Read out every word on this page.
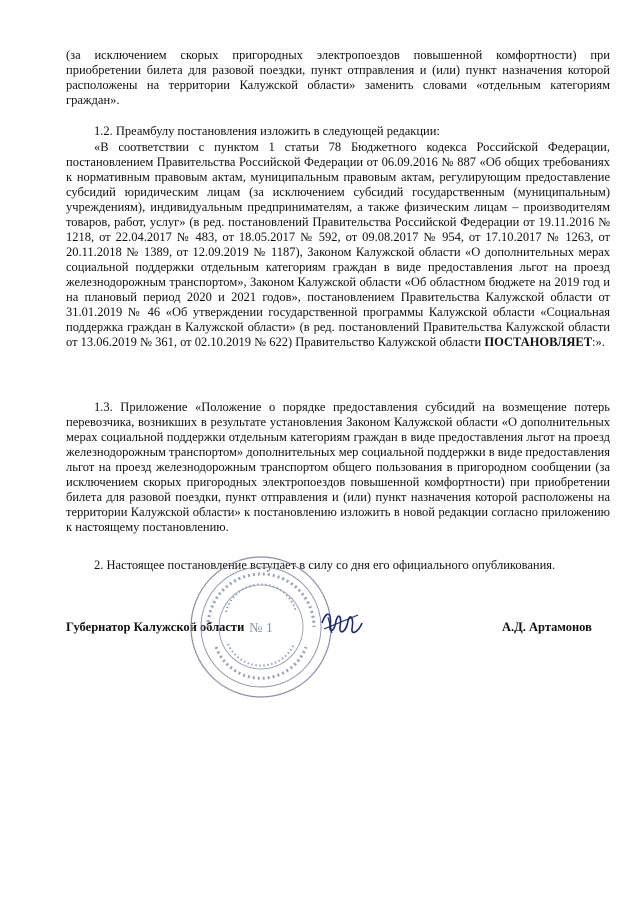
(за исключением скорых пригородных электропоездов повышенной комфортности) при приобретении билета для разовой поездки, пункт отправления и (или) пункт назначения которой расположены на территории Калужской области» заменить словами «отдельным категориям граждан».

1.2. Преамбулу постановления изложить в следующей редакции:

«В соответствии с пунктом 1 статьи 78 Бюджетного кодекса Российской Федерации, постановлением Правительства Российской Федерации от 06.09.2016 № 887 «Об общих требованиях к нормативным правовым актам, муниципальным правовым актам, регулирующим предоставление субсидий юридическим лицам (за исключением субсидий государственным (муниципальным) учреждениям), индивидуальным предпринимателям, а также физическим лицам – производителям товаров, работ, услуг» (в ред. постановлений Правительства Российской Федерации от 19.11.2016 № 1218, от 22.04.2017 № 483, от 18.05.2017 № 592, от 09.08.2017 № 954, от 17.10.2017 № 1263, от 20.11.2018 № 1389, от 12.09.2019 № 1187), Законом Калужской области «О дополнительных мерах социальной поддержки отдельным категориям граждан в виде предоставления льгот на проезд железнодорожным транспортом», Законом Калужской области «Об областном бюджете на 2019 год и на плановый период 2020 и 2021 годов», постановлением Правительства Калужской области от 31.01.2019 № 46 «Об утверждении государственной программы Калужской области «Социальная поддержка граждан в Калужской области» (в ред. постановлений Правительства Калужской области от 13.06.2019 № 361, от 02.10.2019 № 622) Правительство Калужской области ПОСТАНОВЛЯЕТ:».

1.3. Приложение «Положение о порядке предоставления субсидий на возмещение потерь перевозчика, возникших в результате установления Законом Калужской области «О дополнительных мерах социальной поддержки отдельным категориям граждан в виде предоставления льгот на проезд железнодорожным транспортом» дополнительных мер социальной поддержки в виде предоставления льгот на проезд железнодорожным транспортом общего пользования в пригородном сообщении (за исключением скорых пригородных электропоездов повышенной комфортности) при приобретении билета для разовой поездки, пункт отправления и (или) пункт назначения которой расположены на территории Калужской области» к постановлению изложить в новой редакции согласно приложению к настоящему постановлению.

2. Настоящее постановление вступает в силу со дня его официального опубликования.

Губернатор Калужской области	А.Д. Артамонов
№ 1
